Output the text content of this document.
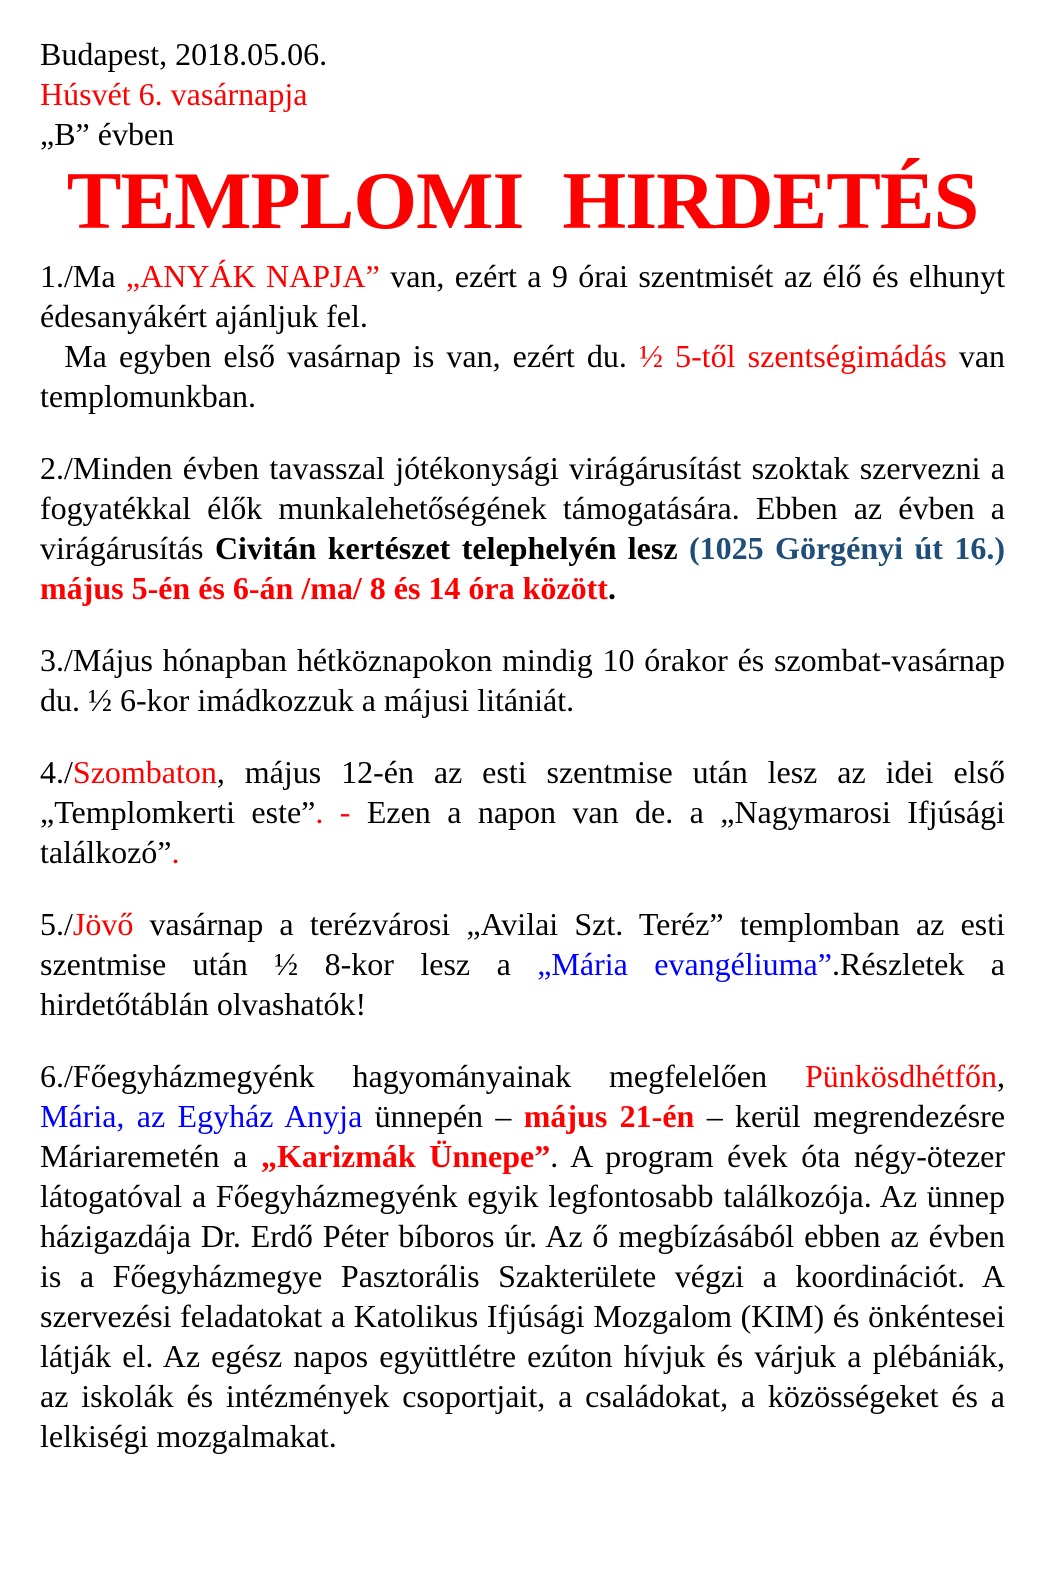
Budapest, 2018.05.06.
Húsvét 6. vasárnapja
„B” évben
TEMPLOMI  HIRDETÉS

1./Ma „ANYÁK NAPJA” van, ezért a 9 órai szentmisét az élő és elhunyt édesanyákért ajánljuk fel.
Ma egyben első vasárnap is van, ezért du. ½ 5-től szentségimádás van templomunkban.

2./Minden évben tavasszal jótékonysági virágárusítást szoktak szervezni a fogyatékkal élők munkalehetőségének támogatására. Ebben az évben a virágárusítás Civitán kertészet telephelyén lesz (1025 Görgényi út 16.) május 5-én és 6-án /ma/ 8 és 14 óra között.

3./Május hónapban hétköznapokon mindig 10 órakor és szombat-vasárnap du. ½ 6-kor imádkozzuk a májusi litániát.

4./Szombaton, május 12-én az esti szentmise után lesz az idei első „Templomkerti este”. - Ezen a napon van de. a „Nagymarosi Ifjúsági találkozó”.

5./Jövő vasárnap a terézvárosi „Avilai Szt. Teréz” templomban az esti szentmise után ½ 8-kor lesz a „Mária evangéliuma”.Részletek a hirdetőtáblán olvashatók!

6./Főegyházmegyénk hagyományainak megfelelően Pünkösdhétfőn, Mária, az Egyház Anyja ünnepén – május 21-én – kerül megrendezésre Máriaremetén a „Karizmák Ünnepe”. A program évek óta négy-ötezer látogatóval a Főegyházmegyénk egyik legfontosabb találkozója. Az ünnep házigazdája Dr. Erdő Péter bíboros úr. Az ő megbízásából ebben az évben is a Főegyházmegye Pasztorális Szakterülete végzi a koordinációt. A szervezési feladatokat a Katolikus Ifjúsági Mozgalom (KIM) és önkéntesei látják el. Az egész napos együttlétre ezúton hívjuk és várjuk a plébániák, az iskolák és intézmények csoportjait, a családokat, a közösségeket és a lelkiségi mozgalmakat.
